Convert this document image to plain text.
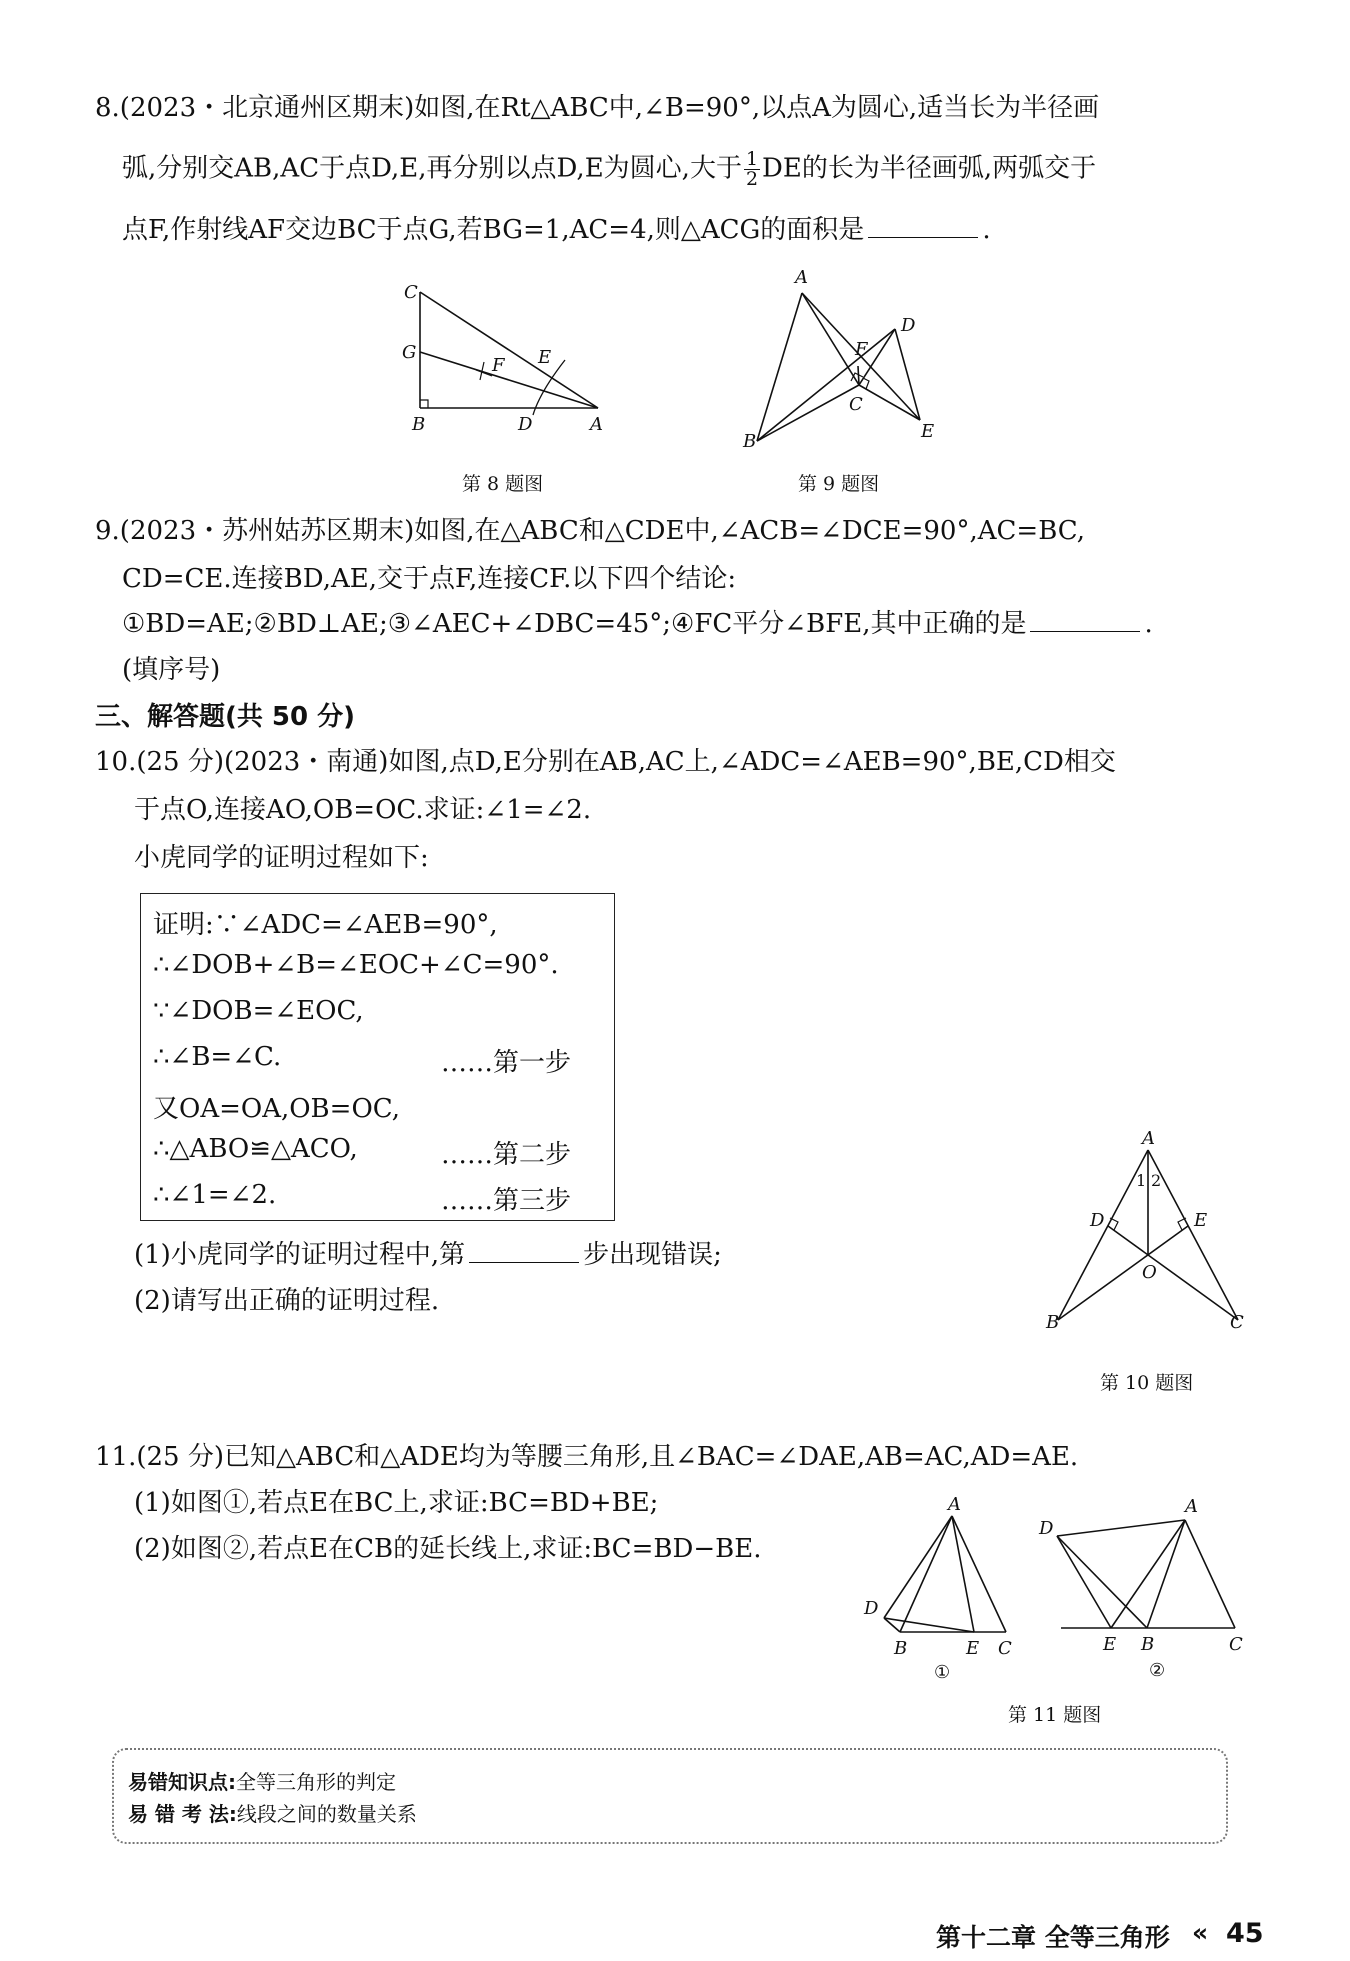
8.(2023・北京通州区期末)如图,在Rt△ABC中,∠B=90°,以点A为圆心,适当长为半径画
弧,分别交AB,AC于点D,E,再分别以点D,E为圆心,大于 $\frac{1}{2}$ DE的长为半径画弧,两弧交于
点F,作射线AF交边BC于点G,若BG=1,AC=4,则△ACG的面积是	.
C
G
F E
B	D	A
第 8 题图
A
F
D
C
B	E
第 9 题图
9.(2023・苏州姑苏区期末)如图,在△ABC和△CDE中,∠ACB=∠DCE=90°,AC=BC,
CD=CE.连接BD,AE,交于点F,连接CF.以下四个结论:
①BD=AE;②BD⊥AE;③∠AEC+∠DBC=45°;④FC平分∠BFE,其中正确的是	.
(填序号)
三、解答题(共 50 分)
10.(25 分)(2023・南通)如图,点D,E分别在AB,AC上,∠ADC=∠AEB=90°,BE,CD相交
于点O,连接AO,OB=OC.求证:∠1=∠2.
小虎同学的证明过程如下:
证明:∵∠ADC=∠AEB=90°,
∴∠DOB+∠B=∠EOC+∠C=90°.
∵∠DOB=∠EOC,
∴∠B=∠C.	……第一步
又OA=OA,OB=OC,
∴△ABO≌△ACO,	……第二步
∴∠1=∠2.	……第三步
(1)小虎同学的证明过程中,第	步出现错误;
(2)请写出正确的证明过程.
A
1 2
D	E
O
B	C
第 10 题图
11.(25 分)已知△ABC和△ADE均为等腰三角形,且∠BAC=∠DAE,AB=AC,AD=AE.
(1)如图①,若点E在BC上,求证:BC=BD+BE;
(2)如图②,若点E在CB的延长线上,求证:BC=BD−BE.
A
D
B	E C
①
A
D
E B	C
②
第 11 题图
易错知识点:全等三角形的判定
易 错 考 法:线段之间的数量关系
第十二章 全等三角形 « 45
